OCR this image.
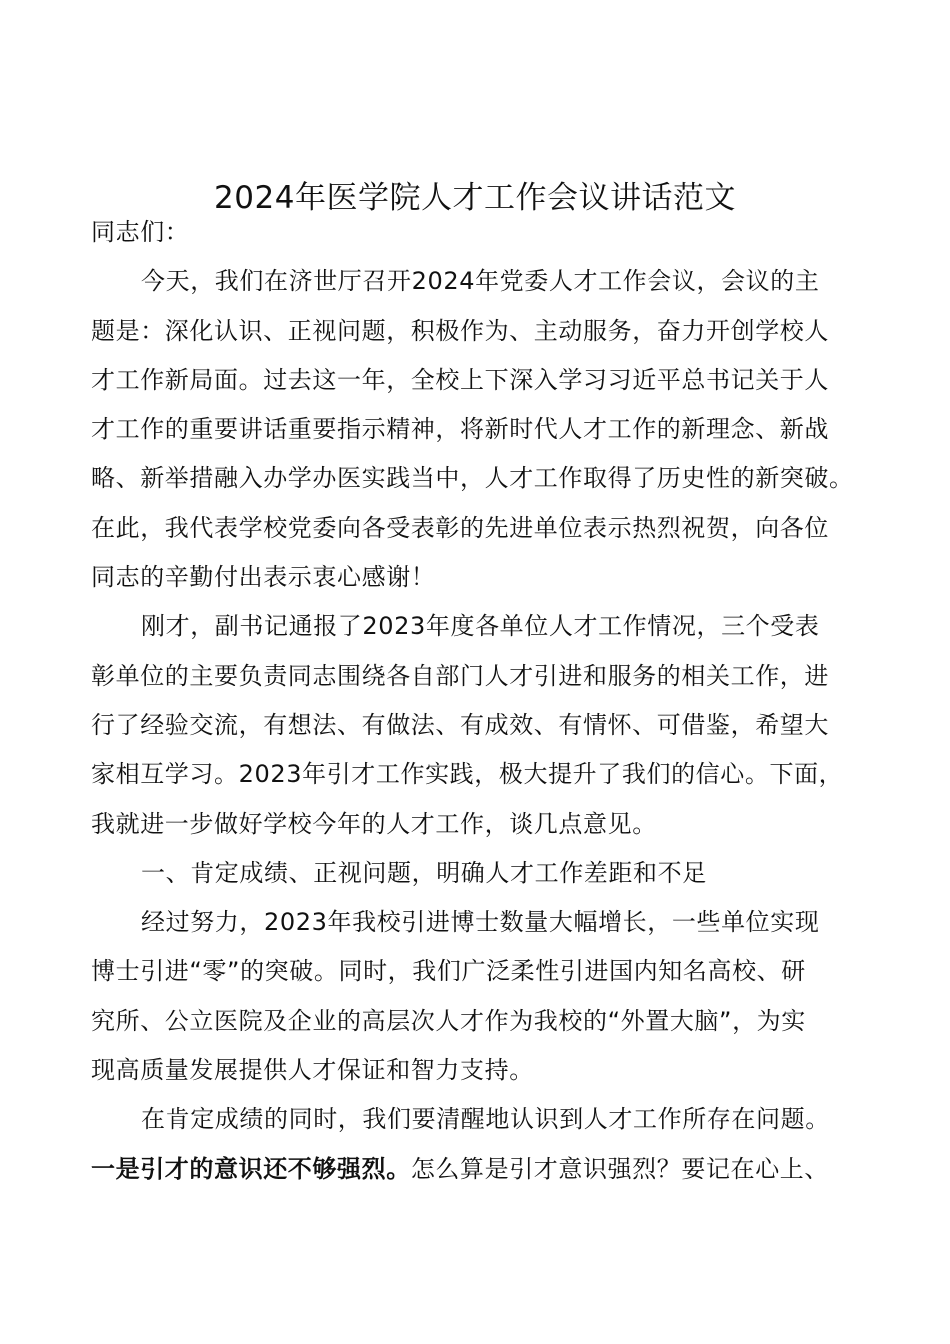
2024年医学院人才工作会议讲话范文
同志们：
今天，我们在济世厅召开2024年党委人才工作会议，会议的主
题是：深化认识、正视问题，积极作为、主动服务，奋力开创学校人
才工作新局面。过去这一年，全校上下深入学习习近平总书记关于人
才工作的重要讲话重要指示精神，将新时代人才工作的新理念、新战
略、新举措融入办学办医实践当中，人才工作取得了历史性的新突破。
在此，我代表学校党委向各受表彰的先进单位表示热烈祝贺，向各位
同志的辛勤付出表示衷心感谢！
刚才，副书记通报了2023年度各单位人才工作情况，三个受表
彰单位的主要负责同志围绕各自部门人才引进和服务的相关工作，进
行了经验交流，有想法、有做法、有成效、有情怀、可借鉴，希望大
家相互学习。2023年引才工作实践，极大提升了我们的信心。下面，
我就进一步做好学校今年的人才工作，谈几点意见。
一、肯定成绩、正视问题，明确人才工作差距和不足
经过努力，2023年我校引进博士数量大幅增长，一些单位实现
博士引进“零”的突破。同时，我们广泛柔性引进国内知名高校、研
究所、公立医院及企业的高层次人才作为我校的“外置大脑”，为实
现高质量发展提供人才保证和智力支持。
在肯定成绩的同时，我们要清醒地认识到人才工作所存在问题。
一是引才的意识还不够强烈。怎么算是引才意识强烈？要记在心上、
